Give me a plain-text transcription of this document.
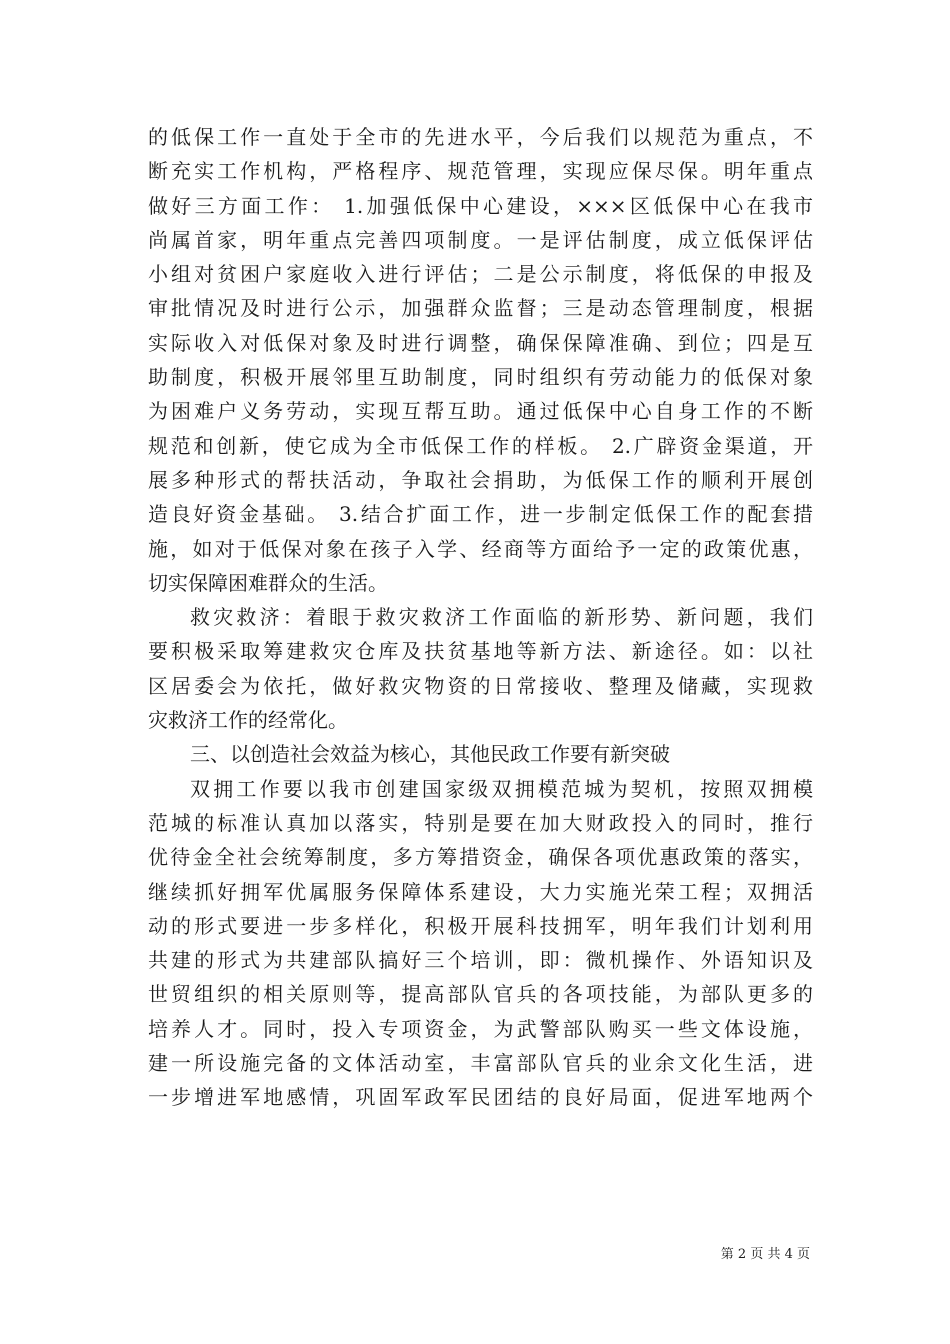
的低保工作一直处于全市的先进水平，今后我们以规范为重点，不
断充实工作机构，严格程序、规范管理，实现应保尽保。明年重点
做好三方面工作： 1.加强低保中心建设，×××区低保中心在我市
尚属首家，明年重点完善四项制度。一是评估制度，成立低保评估
小组对贫困户家庭收入进行评估；二是公示制度，将低保的申报及
审批情况及时进行公示，加强群众监督；三是动态管理制度，根据
实际收入对低保对象及时进行调整，确保保障准确、到位；四是互
助制度，积极开展邻里互助制度，同时组织有劳动能力的低保对象
为困难户义务劳动，实现互帮互助。通过低保中心自身工作的不断
规范和创新，使它成为全市低保工作的样板。 2.广辟资金渠道，开
展多种形式的帮扶活动，争取社会捐助，为低保工作的顺利开展创
造良好资金基础。 3.结合扩面工作，进一步制定低保工作的配套措
施，如对于低保对象在孩子入学、经商等方面给予一定的政策优惠，
切实保障困难群众的生活。
救灾救济：着眼于救灾救济工作面临的新形势、新问题，我们
要积极采取筹建救灾仓库及扶贫基地等新方法、新途径。如：以社
区居委会为依托，做好救灾物资的日常接收、整理及储藏，实现救
灾救济工作的经常化。
三、以创造社会效益为核心，其他民政工作要有新突破
双拥工作要以我市创建国家级双拥模范城为契机，按照双拥模
范城的标准认真加以落实，特别是要在加大财政投入的同时，推行
优待金全社会统筹制度，多方筹措资金，确保各项优惠政策的落实，
继续抓好拥军优属服务保障体系建设，大力实施光荣工程；双拥活
动的形式要进一步多样化，积极开展科技拥军，明年我们计划利用
共建的形式为共建部队搞好三个培训，即：微机操作、外语知识及
世贸组织的相关原则等，提高部队官兵的各项技能，为部队更多的
培养人才。同时，投入专项资金，为武警部队购买一些文体设施，
建一所设施完备的文体活动室，丰富部队官兵的业余文化生活，进
一步增进军地感情，巩固军政军民团结的良好局面，促进军地两个
第 2 页 共 4 页
